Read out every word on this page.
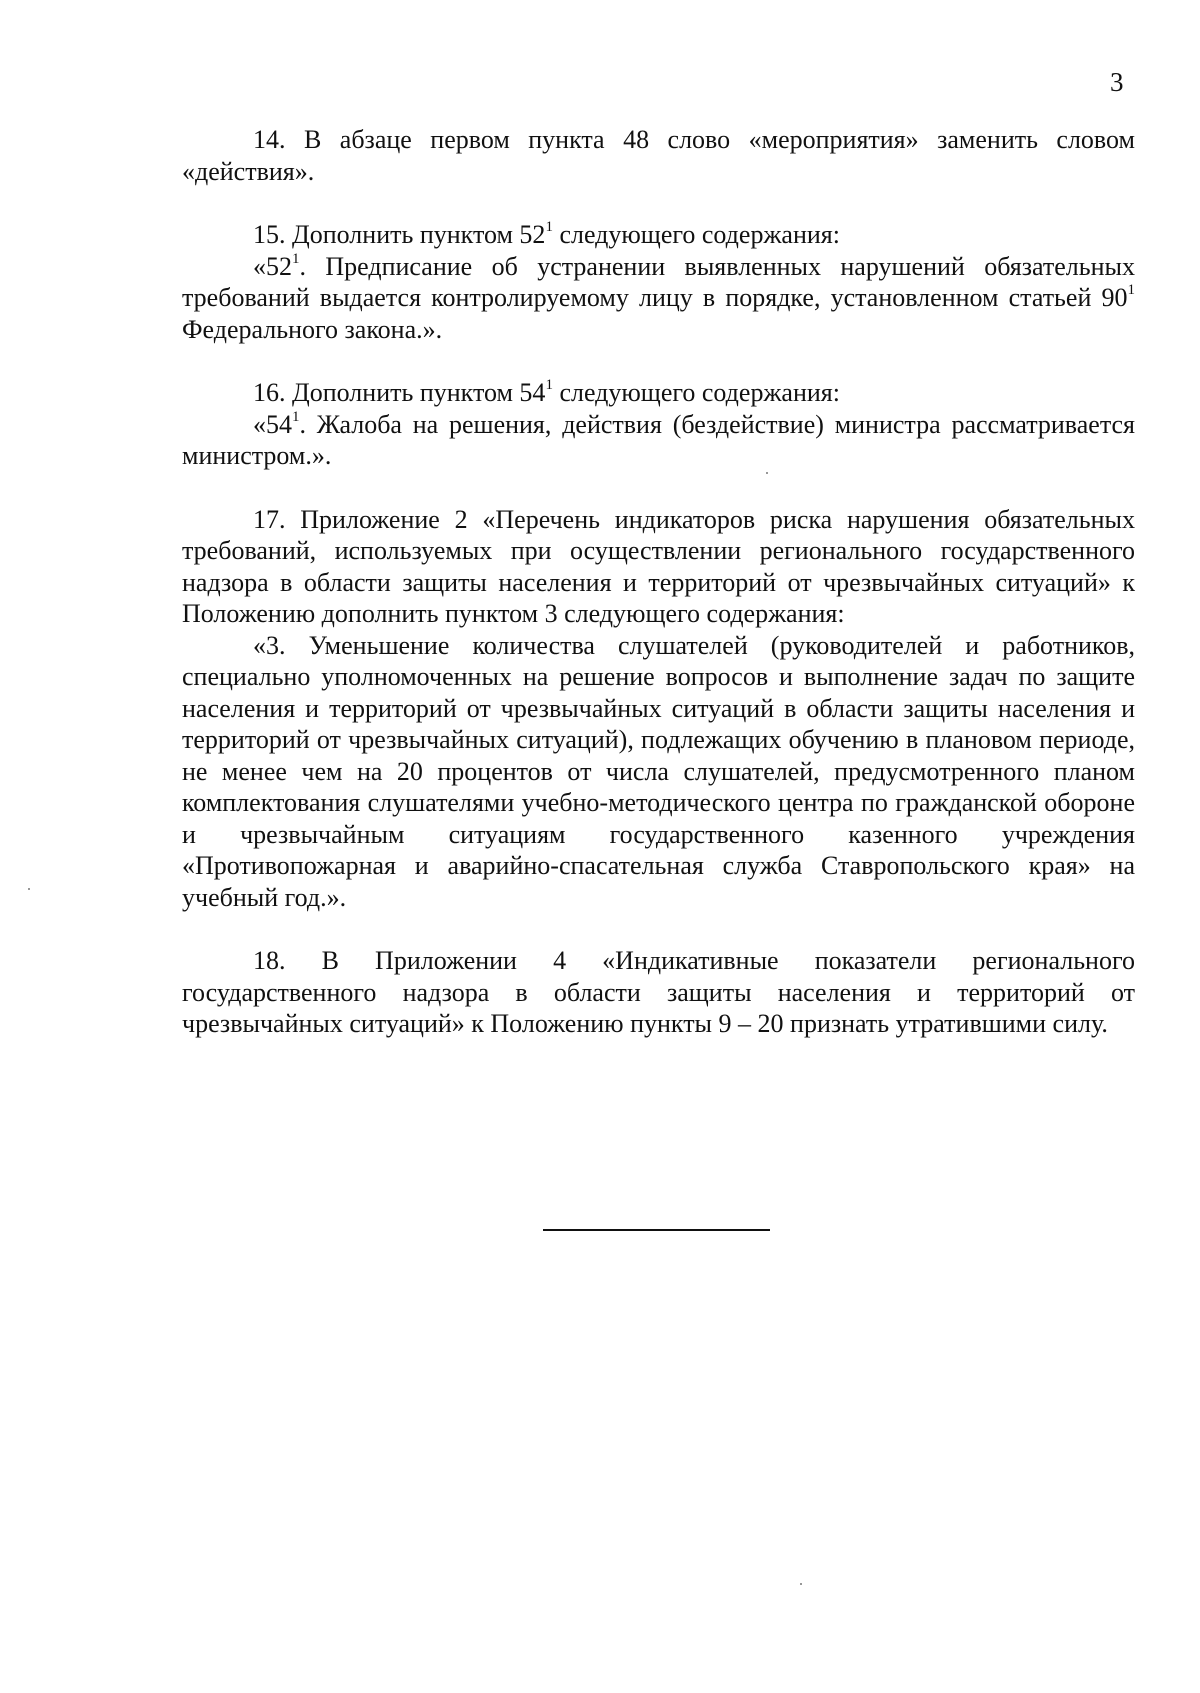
3

14. В абзаце первом пункта 48 слово «мероприятия» заменить словом «действия».

15. Дополнить пунктом $52^1$ следующего содержания:

«$52^1$. Предписание об устранении выявленных нарушений обязательных требований выдается контролируемому лицу в порядке, установленном статьей $90^1$ Федерального закона.».

16. Дополнить пунктом $54^1$ следующего содержания:

«$54^1$. Жалоба на решения, действия (бездействие) министра рассматривается министром.».

17. Приложение 2 «Перечень индикаторов риска нарушения обязательных требований, используемых при осуществлении регионального государственного надзора в области защиты населения и территорий от чрезвычайных ситуаций» к Положению дополнить пунктом 3 следующего содержания:

«3. Уменьшение количества слушателей (руководителей и работников, специально уполномоченных на решение вопросов и выполнение задач по защите населения и территорий от чрезвычайных ситуаций в области защиты населения и территорий от чрезвычайных ситуаций), подлежащих обучению в плановом периоде, не менее чем на 20 процентов от числа слушателей, предусмотренного планом комплектования слушателями учебно-методического центра по гражданской обороне и чрезвычайным ситуациям государственного казенного учреждения «Противопожарная и аварийно-спасательная служба Ставропольского края» на учебный год.».

18. В Приложении 4 «Индикативные показатели регионального государственного надзора в области защиты населения и территорий от чрезвычайных ситуаций» к Положению пункты 9 – 20 признать утратившими силу.
